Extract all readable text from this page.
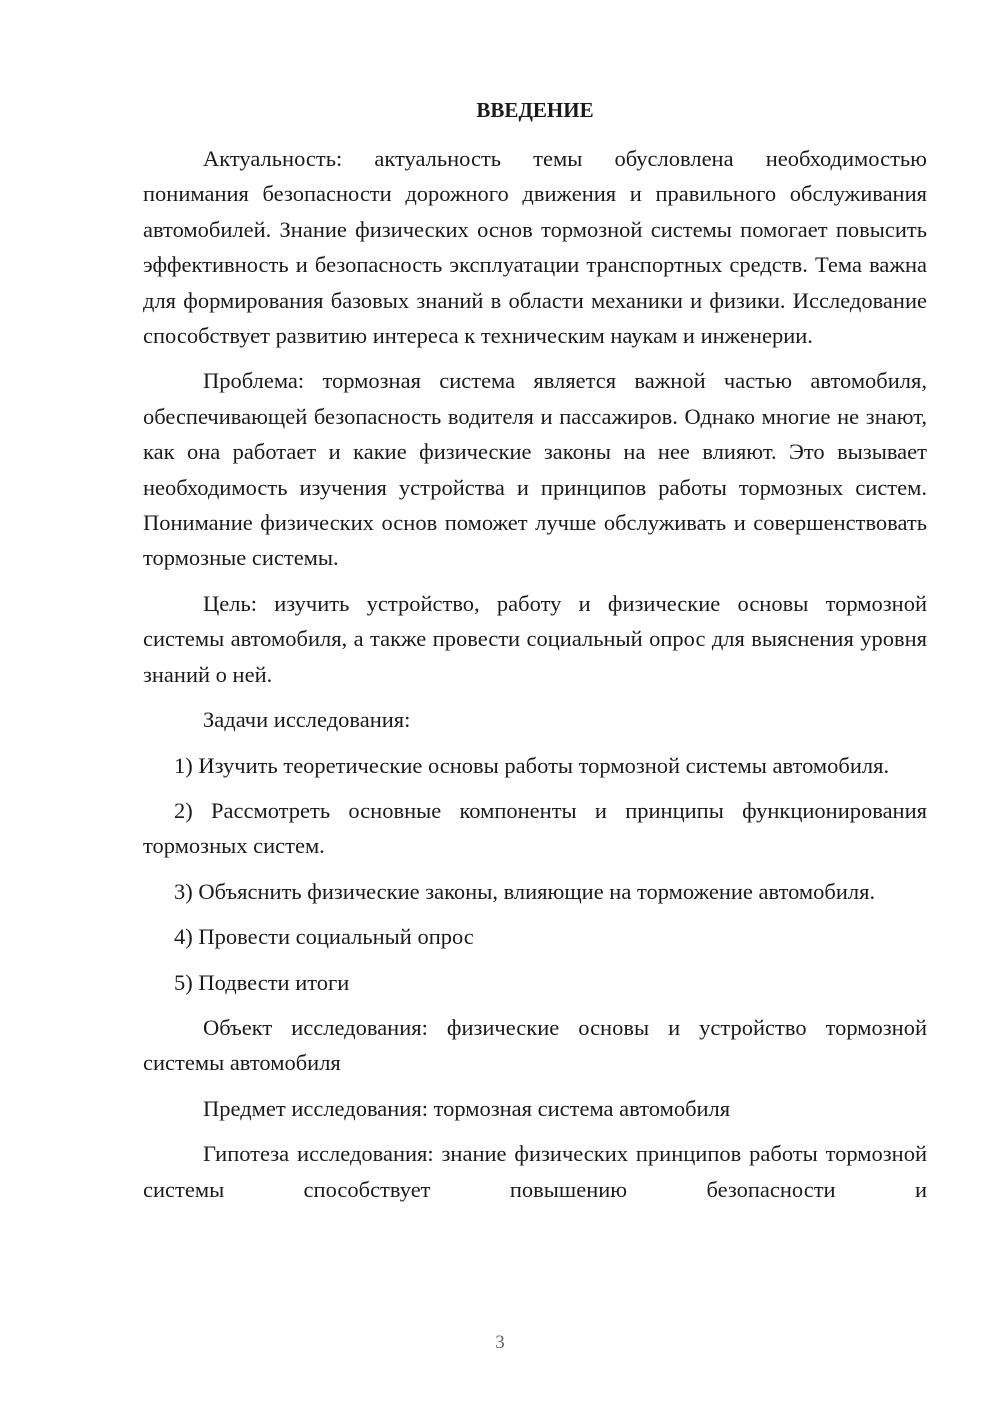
ВВЕДЕНИЕ

Актуальность: актуальность темы обусловлена необходимостью понимания безопасности дорожного движения и правильного обслуживания автомобилей. Знание физических основ тормозной системы помогает повысить эффективность и безопасность эксплуатации транспортных средств. Тема важна для формирования базовых знаний в области механики и физики. Исследование способствует развитию интереса к техническим наукам и инженерии.

Проблема: тормозная система является важной частью автомобиля, обеспечивающей безопасность водителя и пассажиров. Однако многие не знают, как она работает и какие физические законы на нее влияют. Это вызывает необходимость изучения устройства и принципов работы тормозных систем. Понимание физических основ поможет лучше обслуживать и совершенствовать тормозные системы.

Цель: изучить устройство, работу и физические основы тормозной системы автомобиля, а также провести социальный опрос для выяснения уровня знаний о ней.

Задачи исследования:

1) Изучить теоретические основы работы тормозной системы автомобиля.

2) Рассмотреть основные компоненты и принципы функционирования тормозных систем.

3) Объяснить физические законы, влияющие на торможение автомобиля.

4) Провести социальный опрос

5) Подвести итоги

Объект исследования: физические основы и устройство тормозной системы автомобиля

Предмет исследования: тормозная система автомобиля

Гипотеза исследования: знание физических принципов работы тормозной системы способствует повышению безопасности и

3
